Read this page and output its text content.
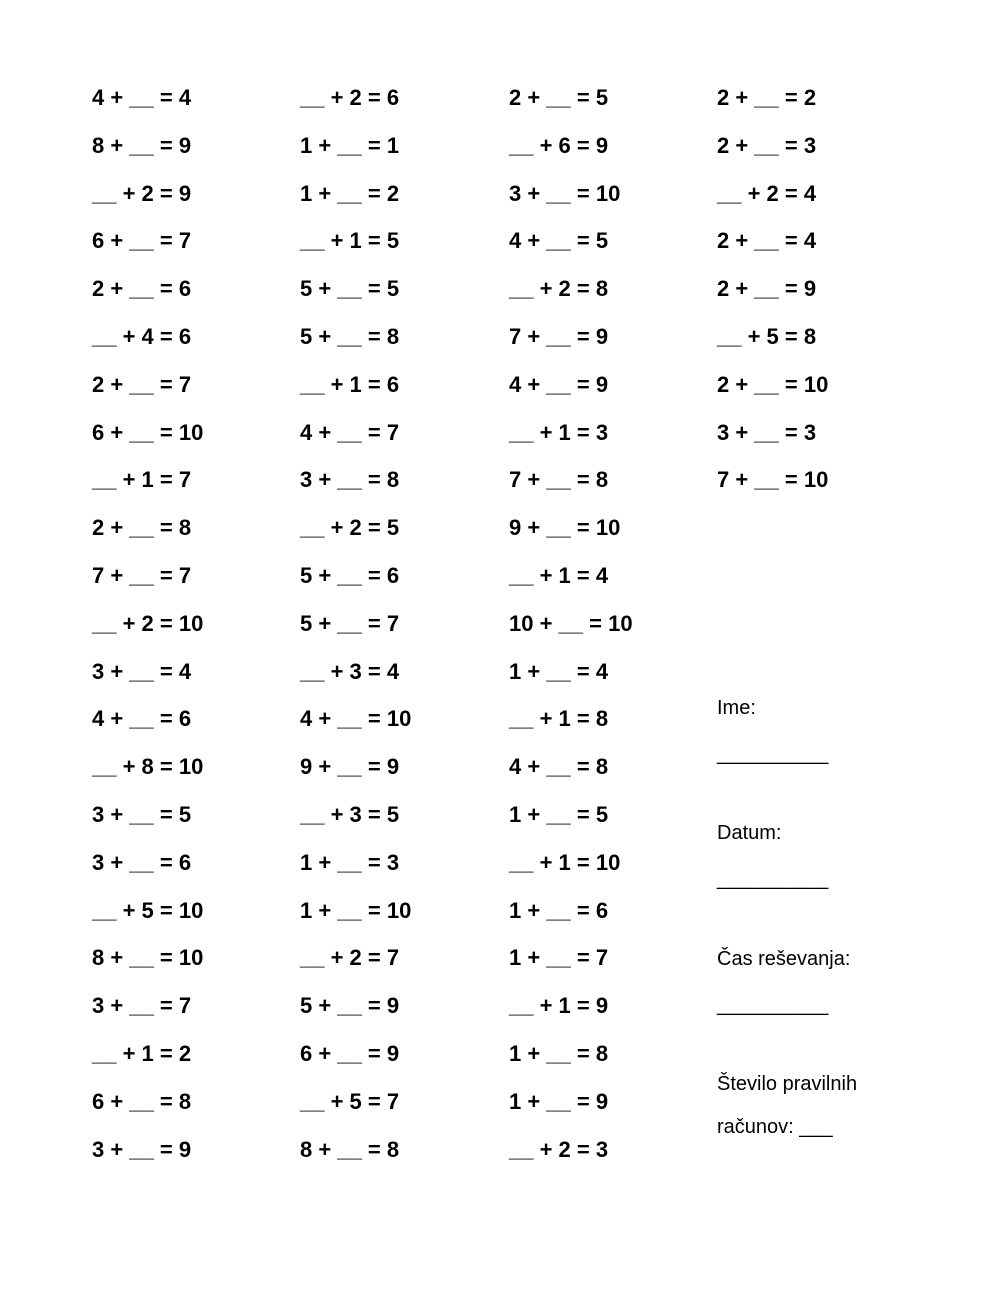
4 + __ = 4
8 + __ = 9
__ + 2 = 9
6 + __ = 7
2 + __ = 6
__ + 4 = 6
2 + __ = 7
6 + __ = 10
__ + 1 = 7
2 + __ = 8
7 + __ = 7
__ + 2 = 10
3 + __ = 4
4 + __ = 6
__ + 8 = 10
3 + __ = 5
3 + __ = 6
__ + 5 = 10
8 + __ = 10
3 + __ = 7
__ + 1 = 2
6 + __ = 8
3 + __ = 9
__ + 2 = 6
1 + __ = 1
1 + __ = 2
__ + 1 = 5
5 + __ = 5
5 + __ = 8
__ + 1 = 6
4 + __ = 7
3 + __ = 8
__ + 2 = 5
5 + __ = 6
5 + __ = 7
__ + 3 = 4
4 + __ = 10
9 + __ = 9
__ + 3 = 5
1 + __ = 3
1 + __ = 10
__ + 2 = 7
5 + __ = 9
6 + __ = 9
__ + 5 = 7
8 + __ = 8
2 + __ = 5
__ + 6 = 9
3 + __ = 10
4 + __ = 5
__ + 2 = 8
7 + __ = 9
4 + __ = 9
__ + 1 = 3
7 + __ = 8
9 + __ = 10
__ + 1 = 4
10 + __ = 10
1 + __ = 4
__ + 1 = 8
4 + __ = 8
1 + __ = 5
__ + 1 = 10
1 + __ = 6
1 + __ = 7
__ + 1 = 9
1 + __ = 8
1 + __ = 9
__ + 2 = 3
2 + __ = 2
2 + __ = 3
__ + 2 = 4
2 + __ = 4
2 + __ = 9
__ + 5 = 8
2 + __ = 10
3 + __ = 3
7 + __ = 10
Ime:
__________
Datum:
__________
Čas reševanja:
__________
Število pravilnih
računov: ___
